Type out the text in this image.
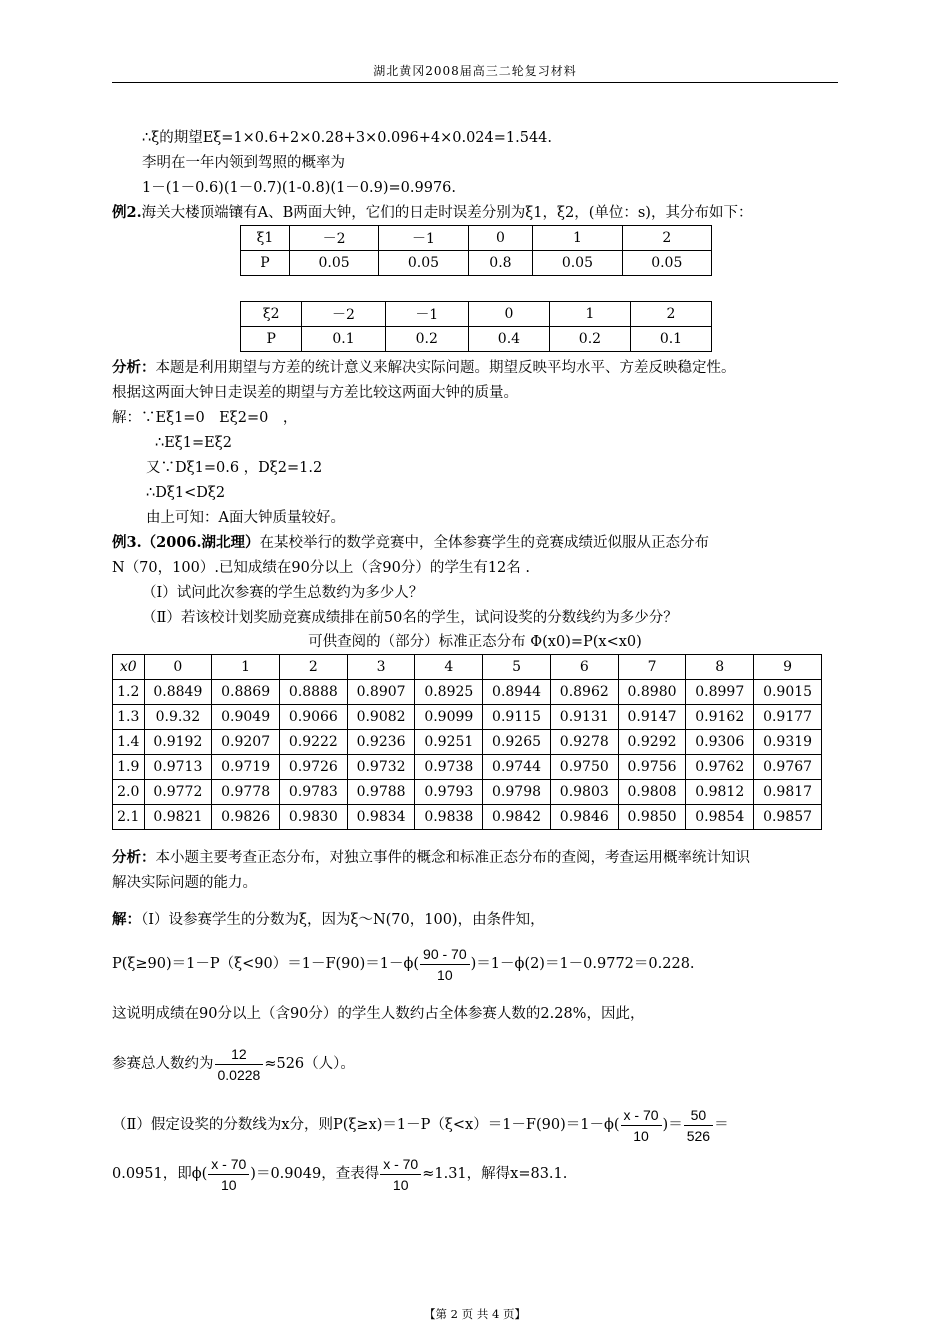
湖北黄冈2008届高三二轮复习材料
∴ξ的期望Eξ=1×0.6+2×0.28+3×0.096+4×0.024=1.544.
李明在一年内领到驾照的概率为
1－(1－0.6)(1－0.7)(1-0.8)(1－0.9)=0.9976.
例2.海关大楼顶端镶有A、B两面大钟，它们的日走时误差分别为ξ1，ξ2，(单位：s)，其分布如下：
ξ1	－2	－1	0	1	2
P	0.05	0.05	0.8	0.05	0.05
ξ2	－2	－1	0	1	2
P	0.1	0.2	0.4	0.2	0.1
分析：本题是利用期望与方差的统计意义来解决实际问题。期望反映平均水平、方差反映稳定性。
根据这两面大钟日走误差的期望与方差比较这两面大钟的质量。
解：∵Eξ1=0　Eξ2=0　，
∴Eξ1=Eξ2
又∵Dξ1=0.6 ，Dξ2=1.2
∴Dξ1<Dξ2
由上可知：A面大钟质量较好。
例3.（2006.湖北理）在某校举行的数学竞赛中，全体参赛学生的竞赛成绩近似服从正态分布
N（70，100）.已知成绩在90分以上（含90分）的学生有12名 .
（Ⅰ）试问此次参赛的学生总数约为多少人？
（Ⅱ）若该校计划奖励竞赛成绩排在前50名的学生，试问设奖的分数线约为多少分？
可供查阅的（部分）标准正态分布 Φ(x0)=P(x<x0)
x0	0	1	2	3	4	5	6	7	8	9
1.2	0.8849	0.8869	0.8888	0.8907	0.8925	0.8944	0.8962	0.8980	0.8997	0.9015
1.3	0.9.32	0.9049	0.9066	0.9082	0.9099	0.9115	0.9131	0.9147	0.9162	0.9177
1.4	0.9192	0.9207	0.9222	0.9236	0.9251	0.9265	0.9278	0.9292	0.9306	0.9319
1.9	0.9713	0.9719	0.9726	0.9732	0.9738	0.9744	0.9750	0.9756	0.9762	0.9767
2.0	0.9772	0.9778	0.9783	0.9788	0.9793	0.9798	0.9803	0.9808	0.9812	0.9817
2.1	0.9821	0.9826	0.9830	0.9834	0.9838	0.9842	0.9846	0.9850	0.9854	0.9857
分析：本小题主要考查正态分布，对独立事件的概念和标准正态分布的查阅，考查运用概率统计知识
解决实际问题的能力。
解：（Ⅰ）设参赛学生的分数为ξ，因为ξ～N(70，100)，由条件知，
$P(\xi\ge 90)=1-P(\xi<90)=1-F(90)=1-\phi( \frac{90 - 70}{10} )=1-\phi(2)=1-0.9772=0.228$.
这说明成绩在90分以上（含90分）的学生人数约占全体参赛人数的2.28%，因此，
参赛总人数约为 $\frac{12}{0.0228} \approx 526$（人）。
（Ⅱ）假定设奖的分数线为x分，则$P(\xi\ge x)=1-P(\xi<x)=1-F(90)=1-\phi( \frac{x - 70}{10}$ )＝ $\frac{50}{526}$ ＝
0.0951，即$\phi( \frac{x - 70}{10} )=0.9049$，查表得 $\frac{x - 70}{10} \approx 1.31$，解得x=83.1.
【第 2 页 共 4 页】
